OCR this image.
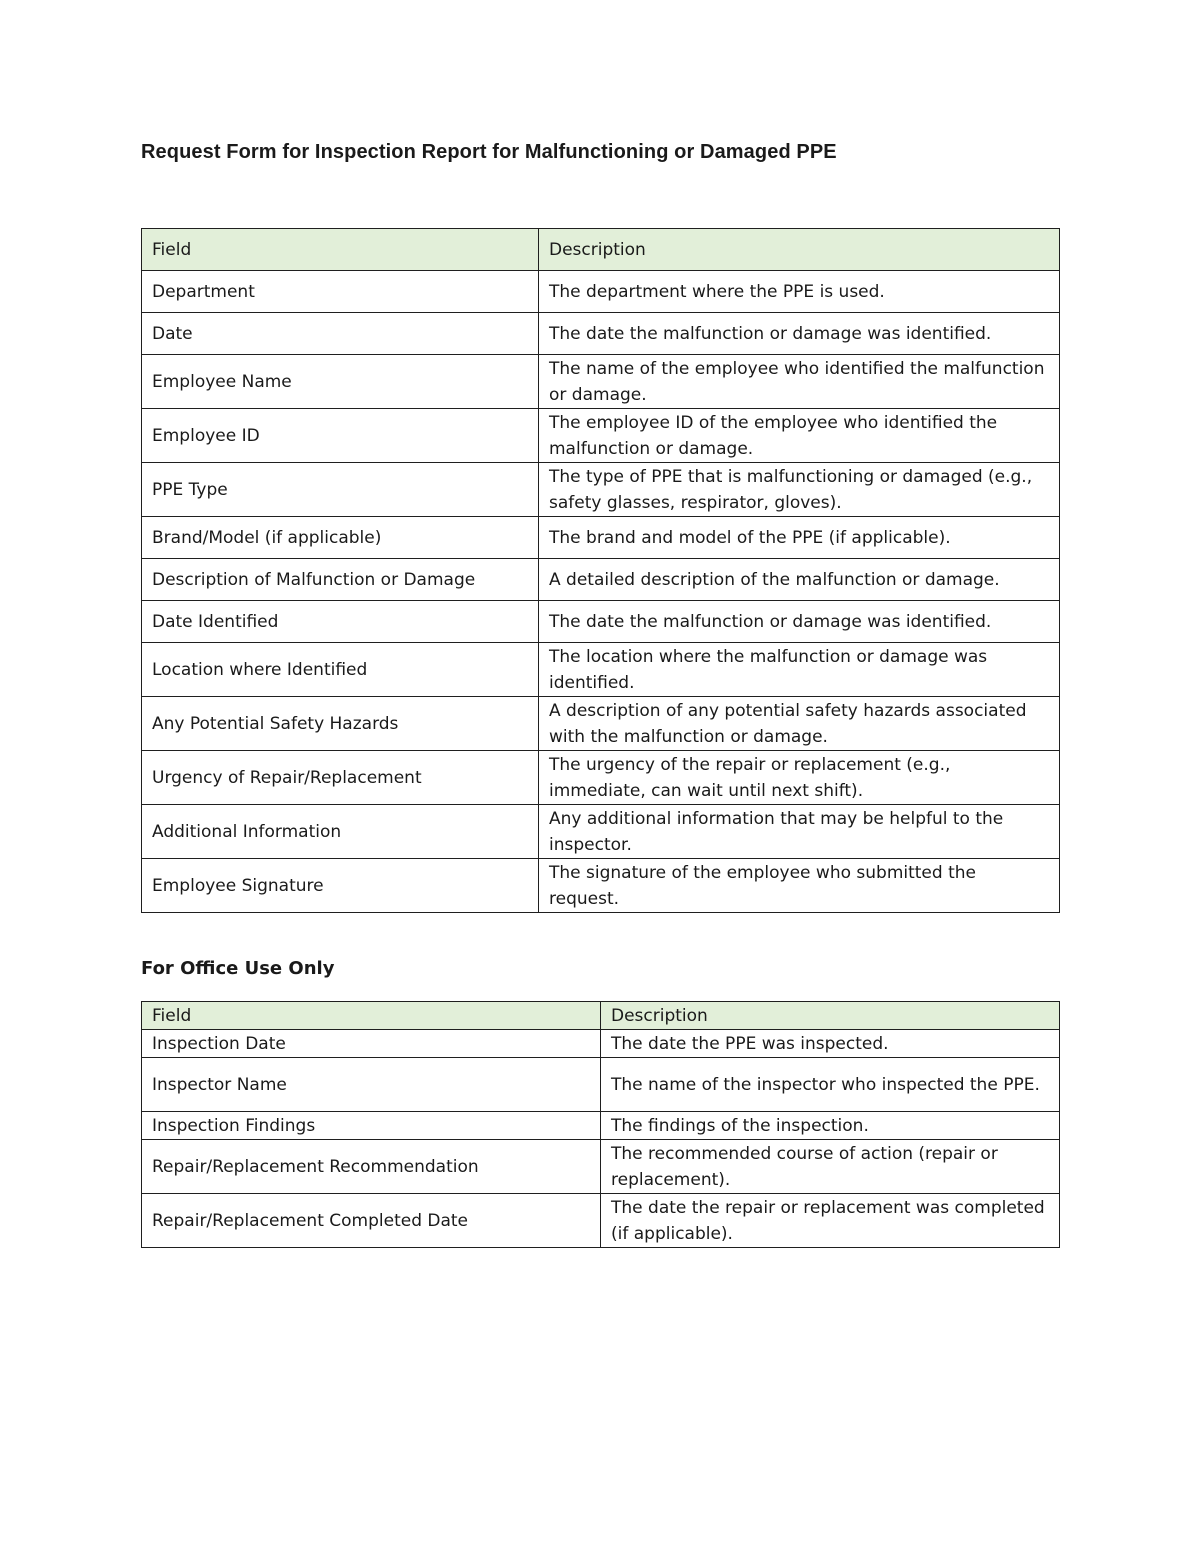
Request Form for Inspection Report for Malfunctioning or Damaged PPE
Field	Description
Department	The department where the PPE is used.
Date	The date the malfunction or damage was identified.
Employee Name	The name of the employee who identified the malfunction or damage.
Employee ID	The employee ID of the employee who identified the malfunction or damage.
PPE Type	The type of PPE that is malfunctioning or damaged (e.g., safety glasses, respirator, gloves).
Brand/Model (if applicable)	The brand and model of the PPE (if applicable).
Description of Malfunction or Damage	A detailed description of the malfunction or damage.
Date Identified	The date the malfunction or damage was identified.
Location where Identified	The location where the malfunction or damage was identified.
Any Potential Safety Hazards	A description of any potential safety hazards associated with the malfunction or damage.
Urgency of Repair/Replacement	The urgency of the repair or replacement (e.g., immediate, can wait until next shift).
Additional Information	Any additional information that may be helpful to the inspector.
Employee Signature	The signature of the employee who submitted the request.
For Office Use Only
Field	Description
Inspection Date	The date the PPE was inspected.
Inspector Name	The name of the inspector who inspected the PPE.
Inspection Findings	The findings of the inspection.
Repair/Replacement Recommendation	The recommended course of action (repair or replacement).
Repair/Replacement Completed Date	The date the repair or replacement was completed (if applicable).
